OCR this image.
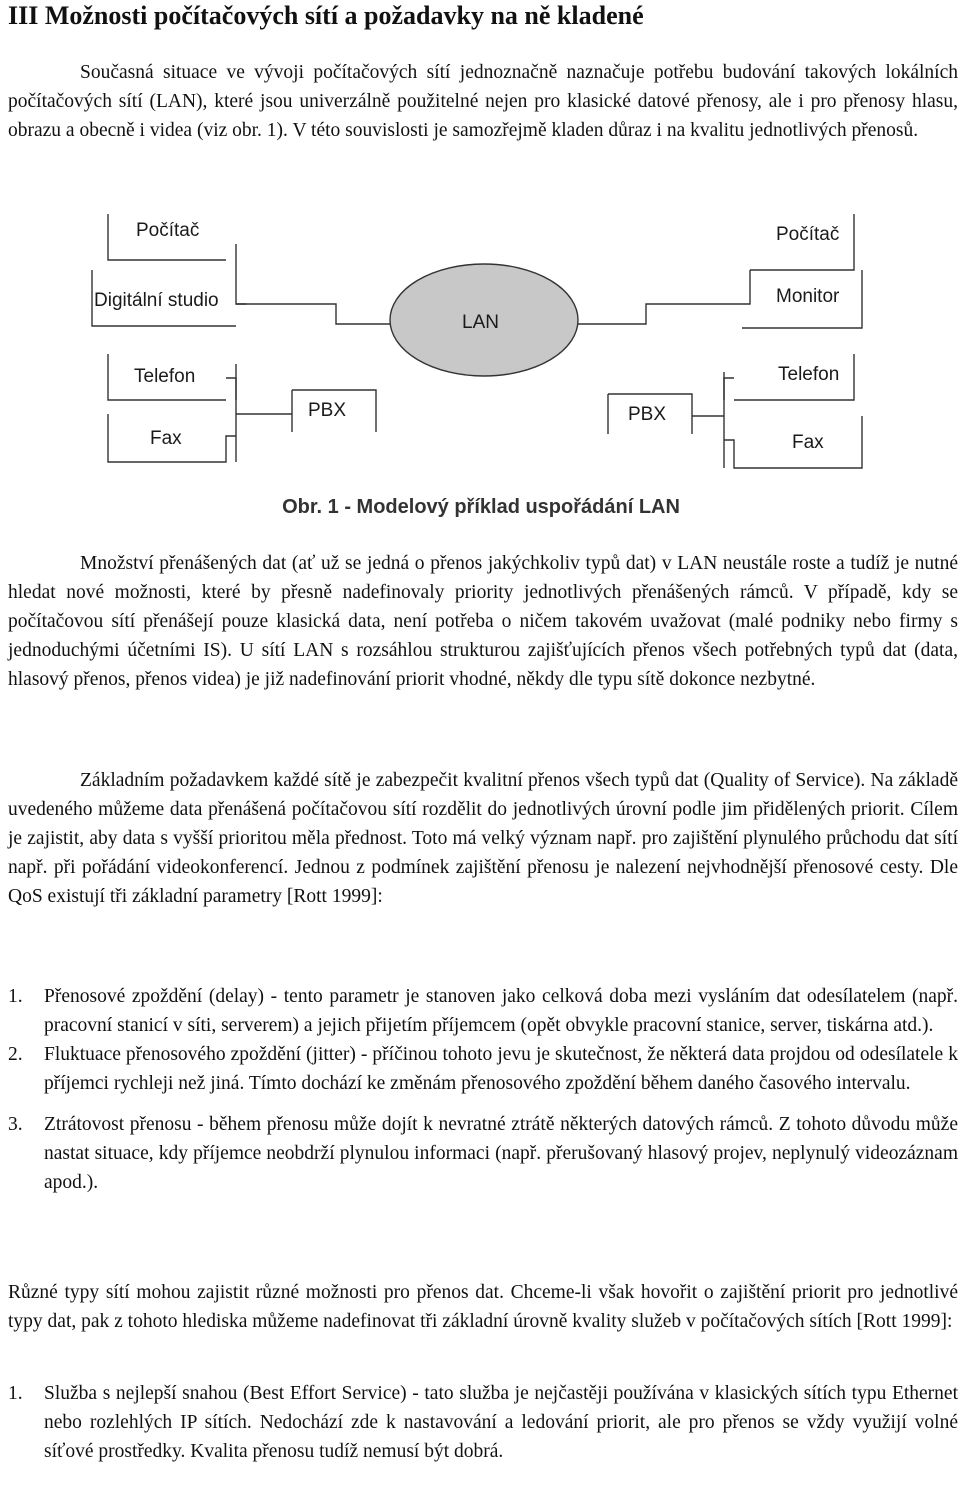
III Možnosti počítačových sítí a požadavky na ně kladené

Současná situace ve vývoji počítačových sítí jednoznačně naznačuje potřebu budování takových lokálních počítačových sítí (LAN), které jsou univerzálně použitelné nejen pro klasické datové přenosy, ale i pro přenosy hlasu, obrazu a obecně i videa (viz obr. 1). V této souvislosti je samozřejmě kladen důraz i na kvalitu jednotlivých přenosů.

Počítač
Digitální studio
Telefon
Fax
PBX
LAN
Počítač
Monitor
Telefon
Fax
PBX
Obr. 1 - Modelový příklad uspořádání LAN

Množství přenášených dat (ať už se jedná o přenos jakýchkoliv typů dat) v LAN neustále roste a tudíž je nutné hledat nové možnosti, které by přesně nadefinovaly priority jednotlivých přenášených rámců. V případě, kdy se počítačovou sítí přenášejí pouze klasická data, není potřeba o ničem takovém uvažovat (malé podniky nebo firmy s jednoduchými účetními IS). U sítí LAN s rozsáhlou strukturou zajišťujících přenos všech potřebných typů dat (data, hlasový přenos, přenos videa) je již nadefinování priorit vhodné, někdy dle typu sítě dokonce nezbytné.

Základním požadavkem každé sítě je zabezpečit kvalitní přenos všech typů dat (Quality of Service). Na základě uvedeného můžeme data přenášená počítačovou sítí rozdělit do jednotlivých úrovní podle jim přidělených priorit. Cílem je zajistit, aby data s vyšší prioritou měla přednost. Toto má velký význam např. pro zajištění plynulého průchodu dat sítí např. při pořádání videokonferencí. Jednou z podmínek zajištění přenosu je nalezení nejvhodnější přenosové cesty. Dle QoS existují tři základní parametry [Rott 1999]:

1. Přenosové zpoždění (delay) - tento parametr je stanoven jako celková doba mezi vysláním dat odesílatelem (např. pracovní stanicí v síti, serverem) a jejich přijetím příjemcem (opět obvykle pracovní stanice, server, tiskárna atd.).
2. Fluktuace přenosového zpoždění (jitter) - příčinou tohoto jevu je skutečnost, že některá data projdou od odesílatele k příjemci rychleji než jiná. Tímto dochází ke změnám přenosového zpoždění během daného časového intervalu.
3. Ztrátovost přenosu - během přenosu může dojít k nevratné ztrátě některých datových rámců. Z tohoto důvodu může nastat situace, kdy příjemce neobdrží plynulou informaci (např. přerušovaný hlasový projev, neplynulý videozáznam apod.).

Různé typy sítí mohou zajistit různé možnosti pro přenos dat. Chceme-li však hovořit o zajištění priorit pro jednotlivé typy dat, pak z tohoto hlediska můžeme nadefinovat tři základní úrovně kvality služeb v počítačových sítích [Rott 1999]:

1. Služba s nejlepší snahou (Best Effort Service) - tato služba je nejčastěji používána v klasických sítích typu Ethernet nebo rozlehlých IP sítích. Nedochází zde k nastavování a ledování priorit, ale pro přenos se vždy využijí volné síťové prostředky. Kvalita přenosu tudíž nemusí být dobrá.
